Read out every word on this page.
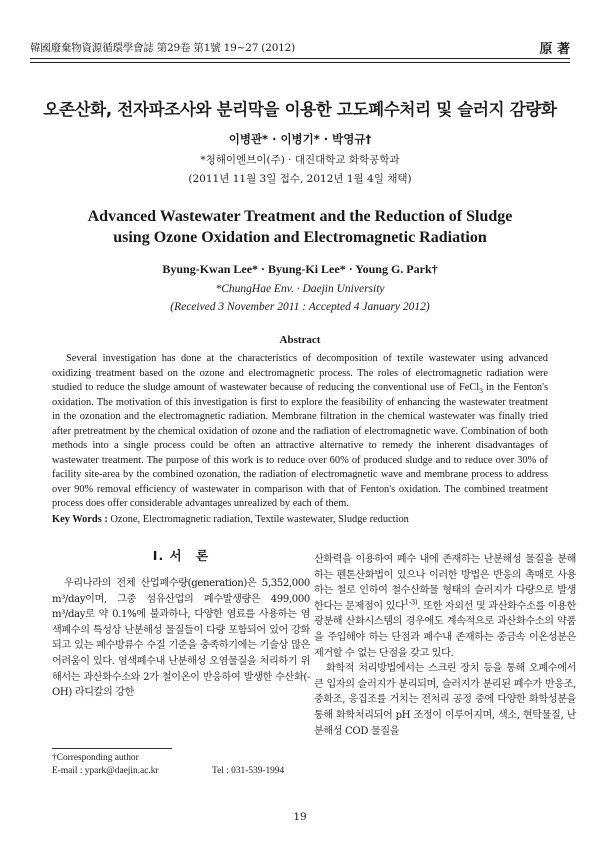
韓國廢棄物資源循環學會誌 第29卷 第1號 19~27 (2012)	原 著
오존산화, 전자파조사와 분리막을 이용한 고도폐수처리 및 슬러지 감량화
이병관* · 이병기* · 박영규†
*청해이엔브이(주) · 대진대학교 화학공학과
(2011년 11월 3일 접수, 2012년 1월 4일 채택)
Advanced Wastewater Treatment and the Reduction of Sludge
using Ozone Oxidation and Electromagnetic Radiation
Byung-Kwan Lee* · Byung-Ki Lee* · Young G. Park†
*ChungHae Env. · Daejin University
(Received 3 November 2011 : Accepted 4 January 2012)
Abstract
Several investigation has done at the characteristics of decomposition of textile wastewater using advanced oxidizing treatment based on the ozone and electromagnetic process. The roles of electromagnetic radiation were studied to reduce the sludge amount of wastewater because of reducing the conventional use of FeCl$_3$ in the Fenton's oxidation. The motivation of this investigation is first to explore the feasibility of enhancing the wastewater treatment in the ozonation and the electromagnetic radiation. Membrane filtration in the chemical wastewater was finally tried after pretreatment by the chemical oxidation of ozone and the radiation of electromagnetic wave. Combination of both methods into a single process could be often an attractive alternative to remedy the inherent disadvantages of wastewater treatment. The purpose of this work is to reduce over 60% of produced sludge and to reduce over 30% of facility site-area by the combined ozonation, the radiation of electromagnetic wave and membrane process to address over 90% removal efficiency of wastewater in comparison with that of Fenton's oxidation. The combined treatment process does offer considerable advantages unrealized by each of them.
Key Words : Ozone, Electromagnetic radiation, Textile wastewater, Sludge reduction
I. 서　론

우리나라의 전체 산업폐수량(generation)은 5,352,000 m³/day이며, 그중 섬유산업의 폐수발생량은 499,000 m³/day로 약 0.1%에 불과하나, 다양한 염료를 사용하는 염색폐수의 특성상 난분해성 물질들이 다량 포함되어 있어 강화되고 있는 폐수방류수 수질 기준을 충족하기에는 기술상 많은 어려움이 있다. 염색폐수내 난분해성 오염물질을 처리하기 위해서는 과산화수소와 2가 철이온이 반응하여 발생한 수산화(-OH) 라디칼의 강한

산화력을 이용하여 폐수 내에 존재하는 난분해성 물질을 분해하는 펜톤산화법이 있으나 이러한 방법은 반응의 촉매로 사용하는 철로 인하여 철수산화물 형태의 슬러지가 다량으로 발생한다는 문제점이 있다$^{1-3)}$. 또한 자외선 및 과산화수소를 이용한 광분해 산화시스템의 경우에도 계속적으로 과산화수소의 약품을 주입해야 하는 단점과 폐수내 존재하는 중금속 이온성분은 제거할 수 없는 단점을 갖고 있다.

화학적 처리방법에서는 스크린 장치 등을 통해 오폐수에서 큰 입자의 슬러지가 분리되며, 슬러지가 분리된 폐수가 반응조, 중화조, 응집조를 거치는 전처리 공정 중에 다양한 화학성분을 통해 화학처리되어 pH 조정이 이루어지며, 색소, 현탁물질, 난분해성 COD 물질을

†Corresponding author
E-mail : ypark@daejin.ac.kr	Tel : 031-539-1994
19
